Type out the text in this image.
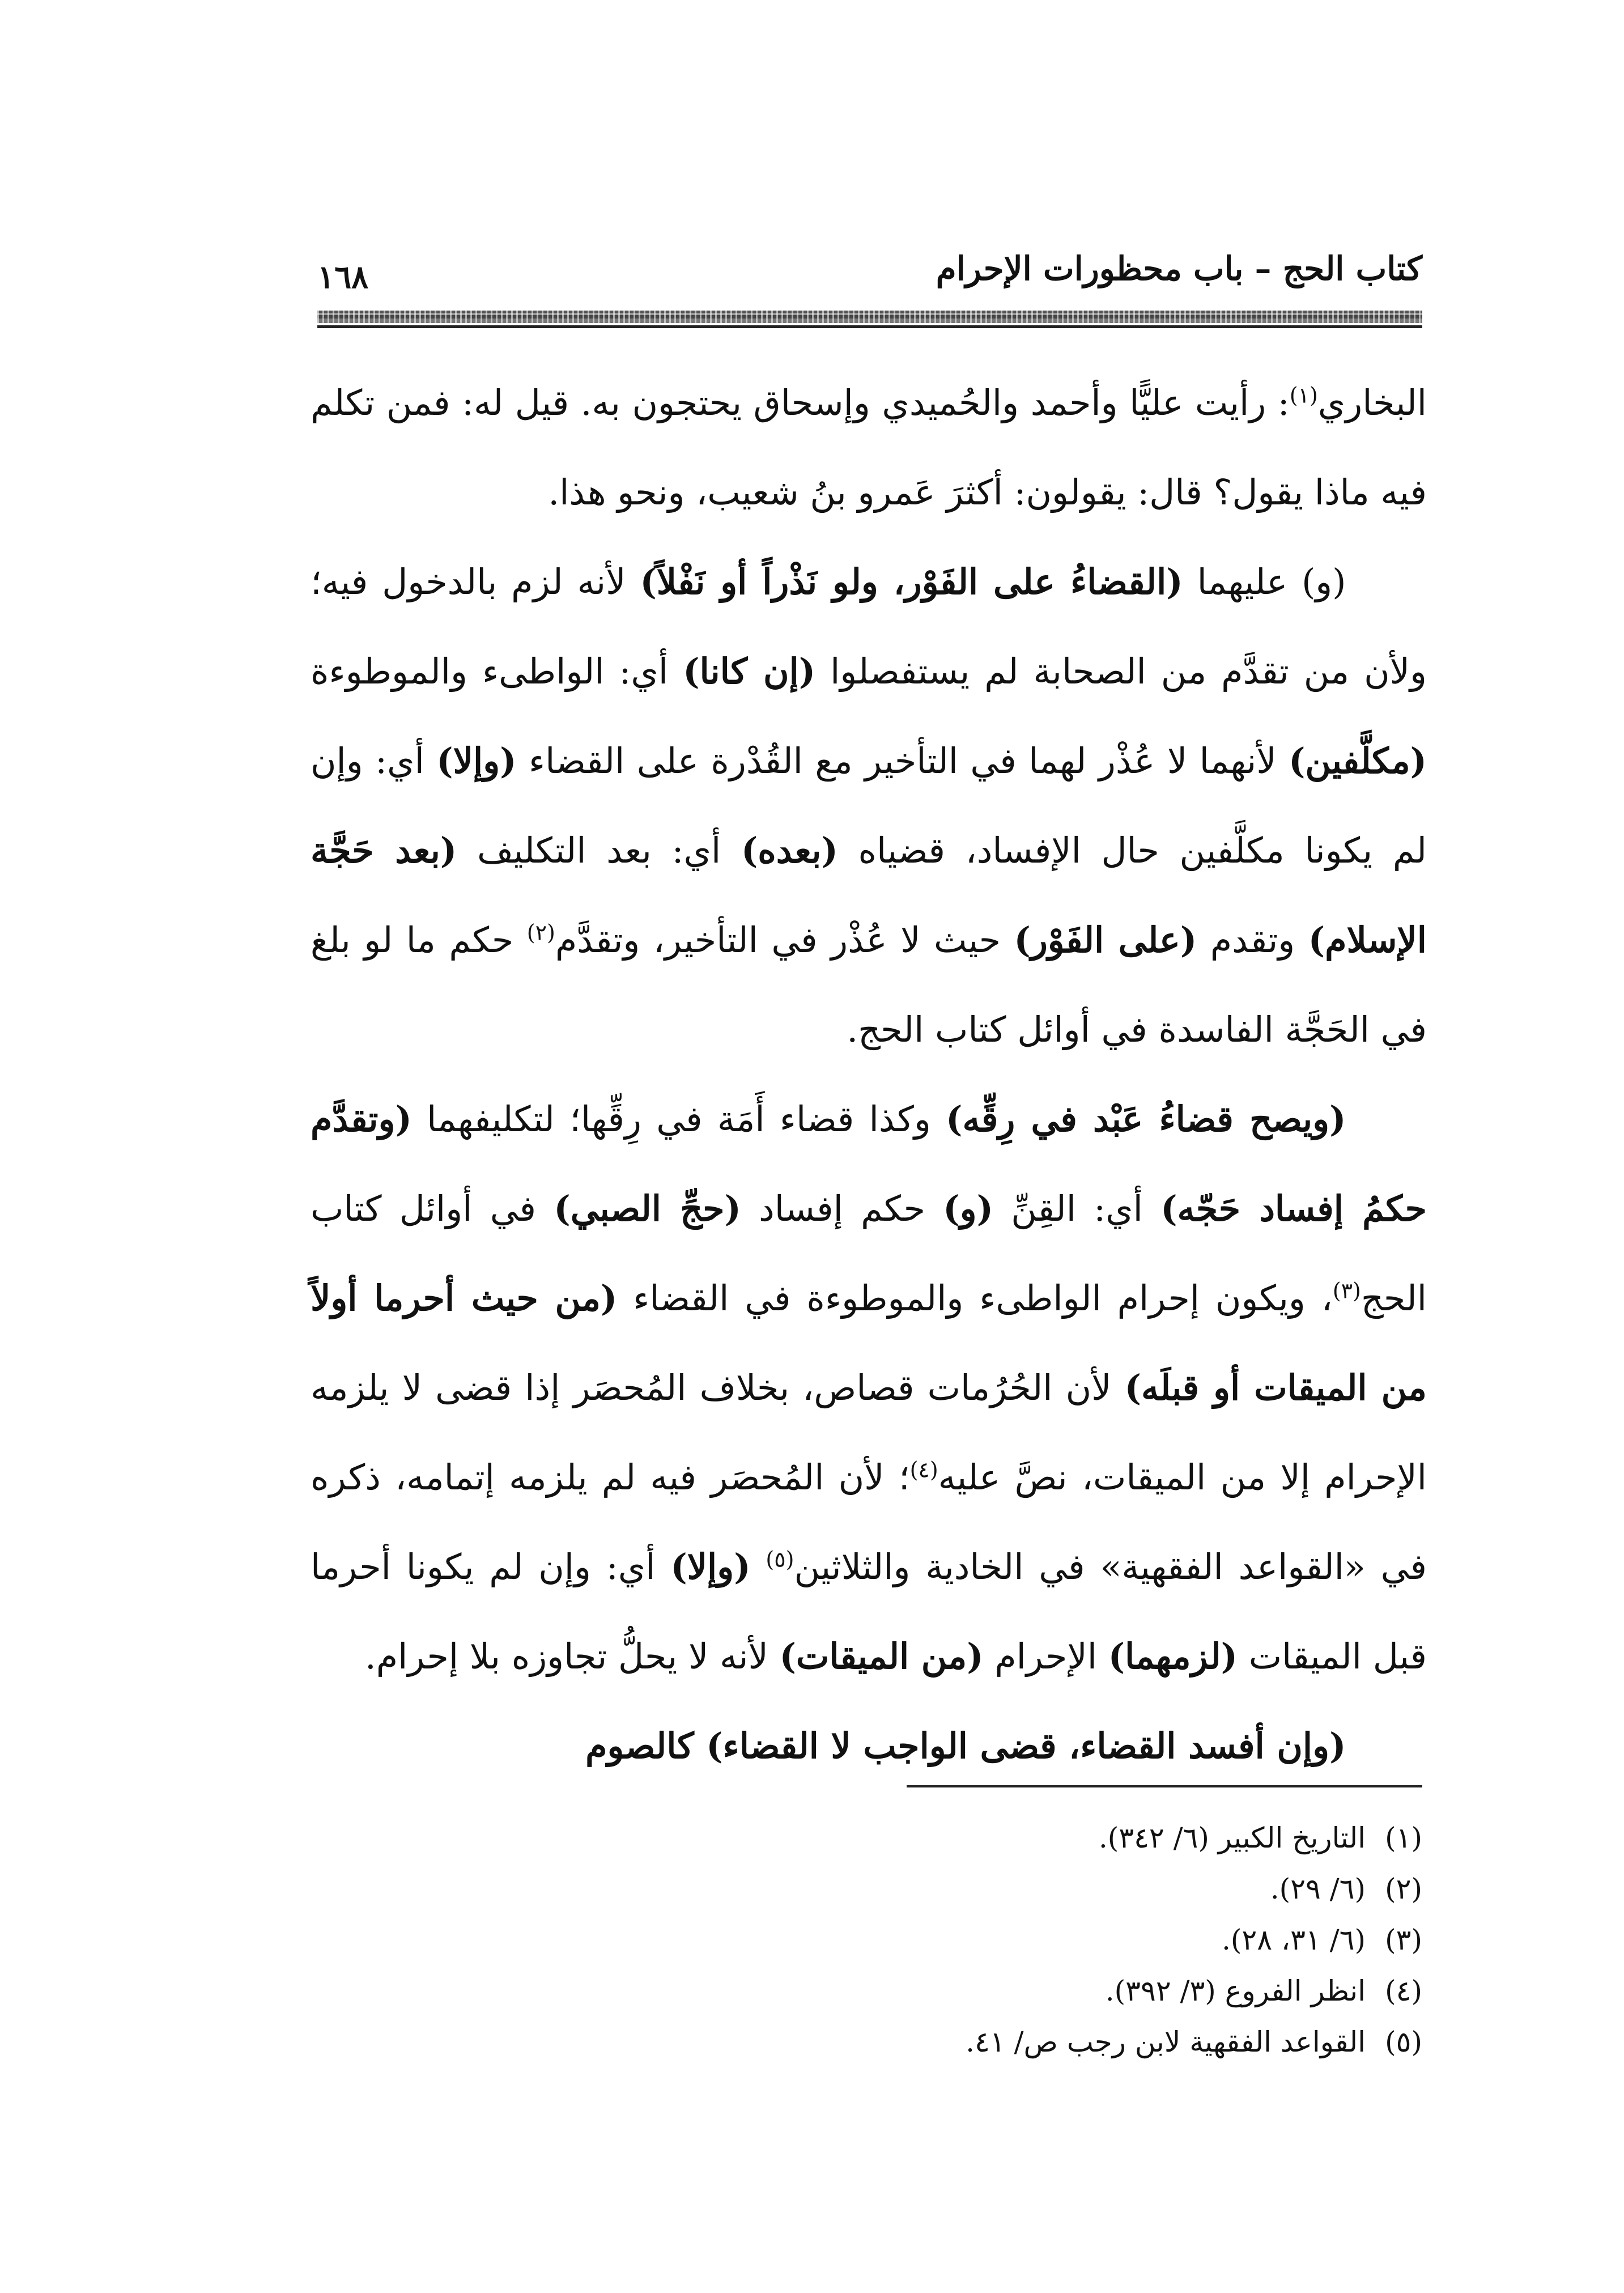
كتاب الحج – باب محظورات الإحرام
١٦٨

البخاري$^{(١)}$: رأيت عليًّا وأحمد والحُميدي وإسحاق يحتجون به. قيل له: فمن تكلم فيه ماذا يقول؟ قال: يقولون: أكثرَ عَمرو بنُ شعيب، ونحو هذا.

(و) عليهما (القضاءُ على الفَوْر، ولو نَذْراً أو نَفْلاً) لأنه لزم بالدخول فيه؛ ولأن من تقدَّم من الصحابة لم يستفصلوا (إن كانا) أي: الواطىء والموطوءة (مكلَّفين) لأنهما لا عُذْر لهما في التأخير مع القُدْرة على القضاء (وإلا) أي: وإن لم يكونا مكلَّفين حال الإفساد، قضياه (بعده) أي: بعد التكليف (بعد حَجَّة الإسلام) وتقدم (على الفَوْر) حيث لا عُذْر في التأخير، وتقدَّم$^{(٢)}$ حكم ما لو بلغ في الحَجَّة الفاسدة في أوائل كتاب الحج.

(ويصح قضاءُ عَبْد في رِقِّه) وكذا قضاء أَمَة في رِقِّها؛ لتكليفهما (وتقدَّم حكمُ إفساد حَجّه) أي: القِنِّ (و) حكم إفساد (حجِّ الصبي) في أوائل كتاب الحج$^{(٣)}$، ويكون إحرام الواطىء والموطوءة في القضاء (من حيث أحرما أولاً من الميقات أو قبلَه) لأن الحُرُمات قصاص، بخلاف المُحصَر إذا قضى لا يلزمه الإحرام إلا من الميقات، نصَّ عليه$^{(٤)}$؛ لأن المُحصَر فيه لم يلزمه إتمامه، ذكره في «القواعد الفقهية» في الخادية والثلاثين$^{(٥)}$ (وإلا) أي: وإن لم يكونا أحرما قبل الميقات (لزمهما) الإحرام (من الميقات) لأنه لا يحلُّ تجاوزه بلا إحرام.

(وإن أفسد القضاء، قضى الواجب لا القضاء) كالصوم

(١)التاريخ الكبير (٦/ ٣٤٢).

(٢)(٦/ ٢٩).

(٣)(٦/ ٣١، ٢٨).

(٤)انظر الفروع (٣/ ٣٩٢).

(٥)القواعد الفقهية لابن رجب ص/ ٤١.
